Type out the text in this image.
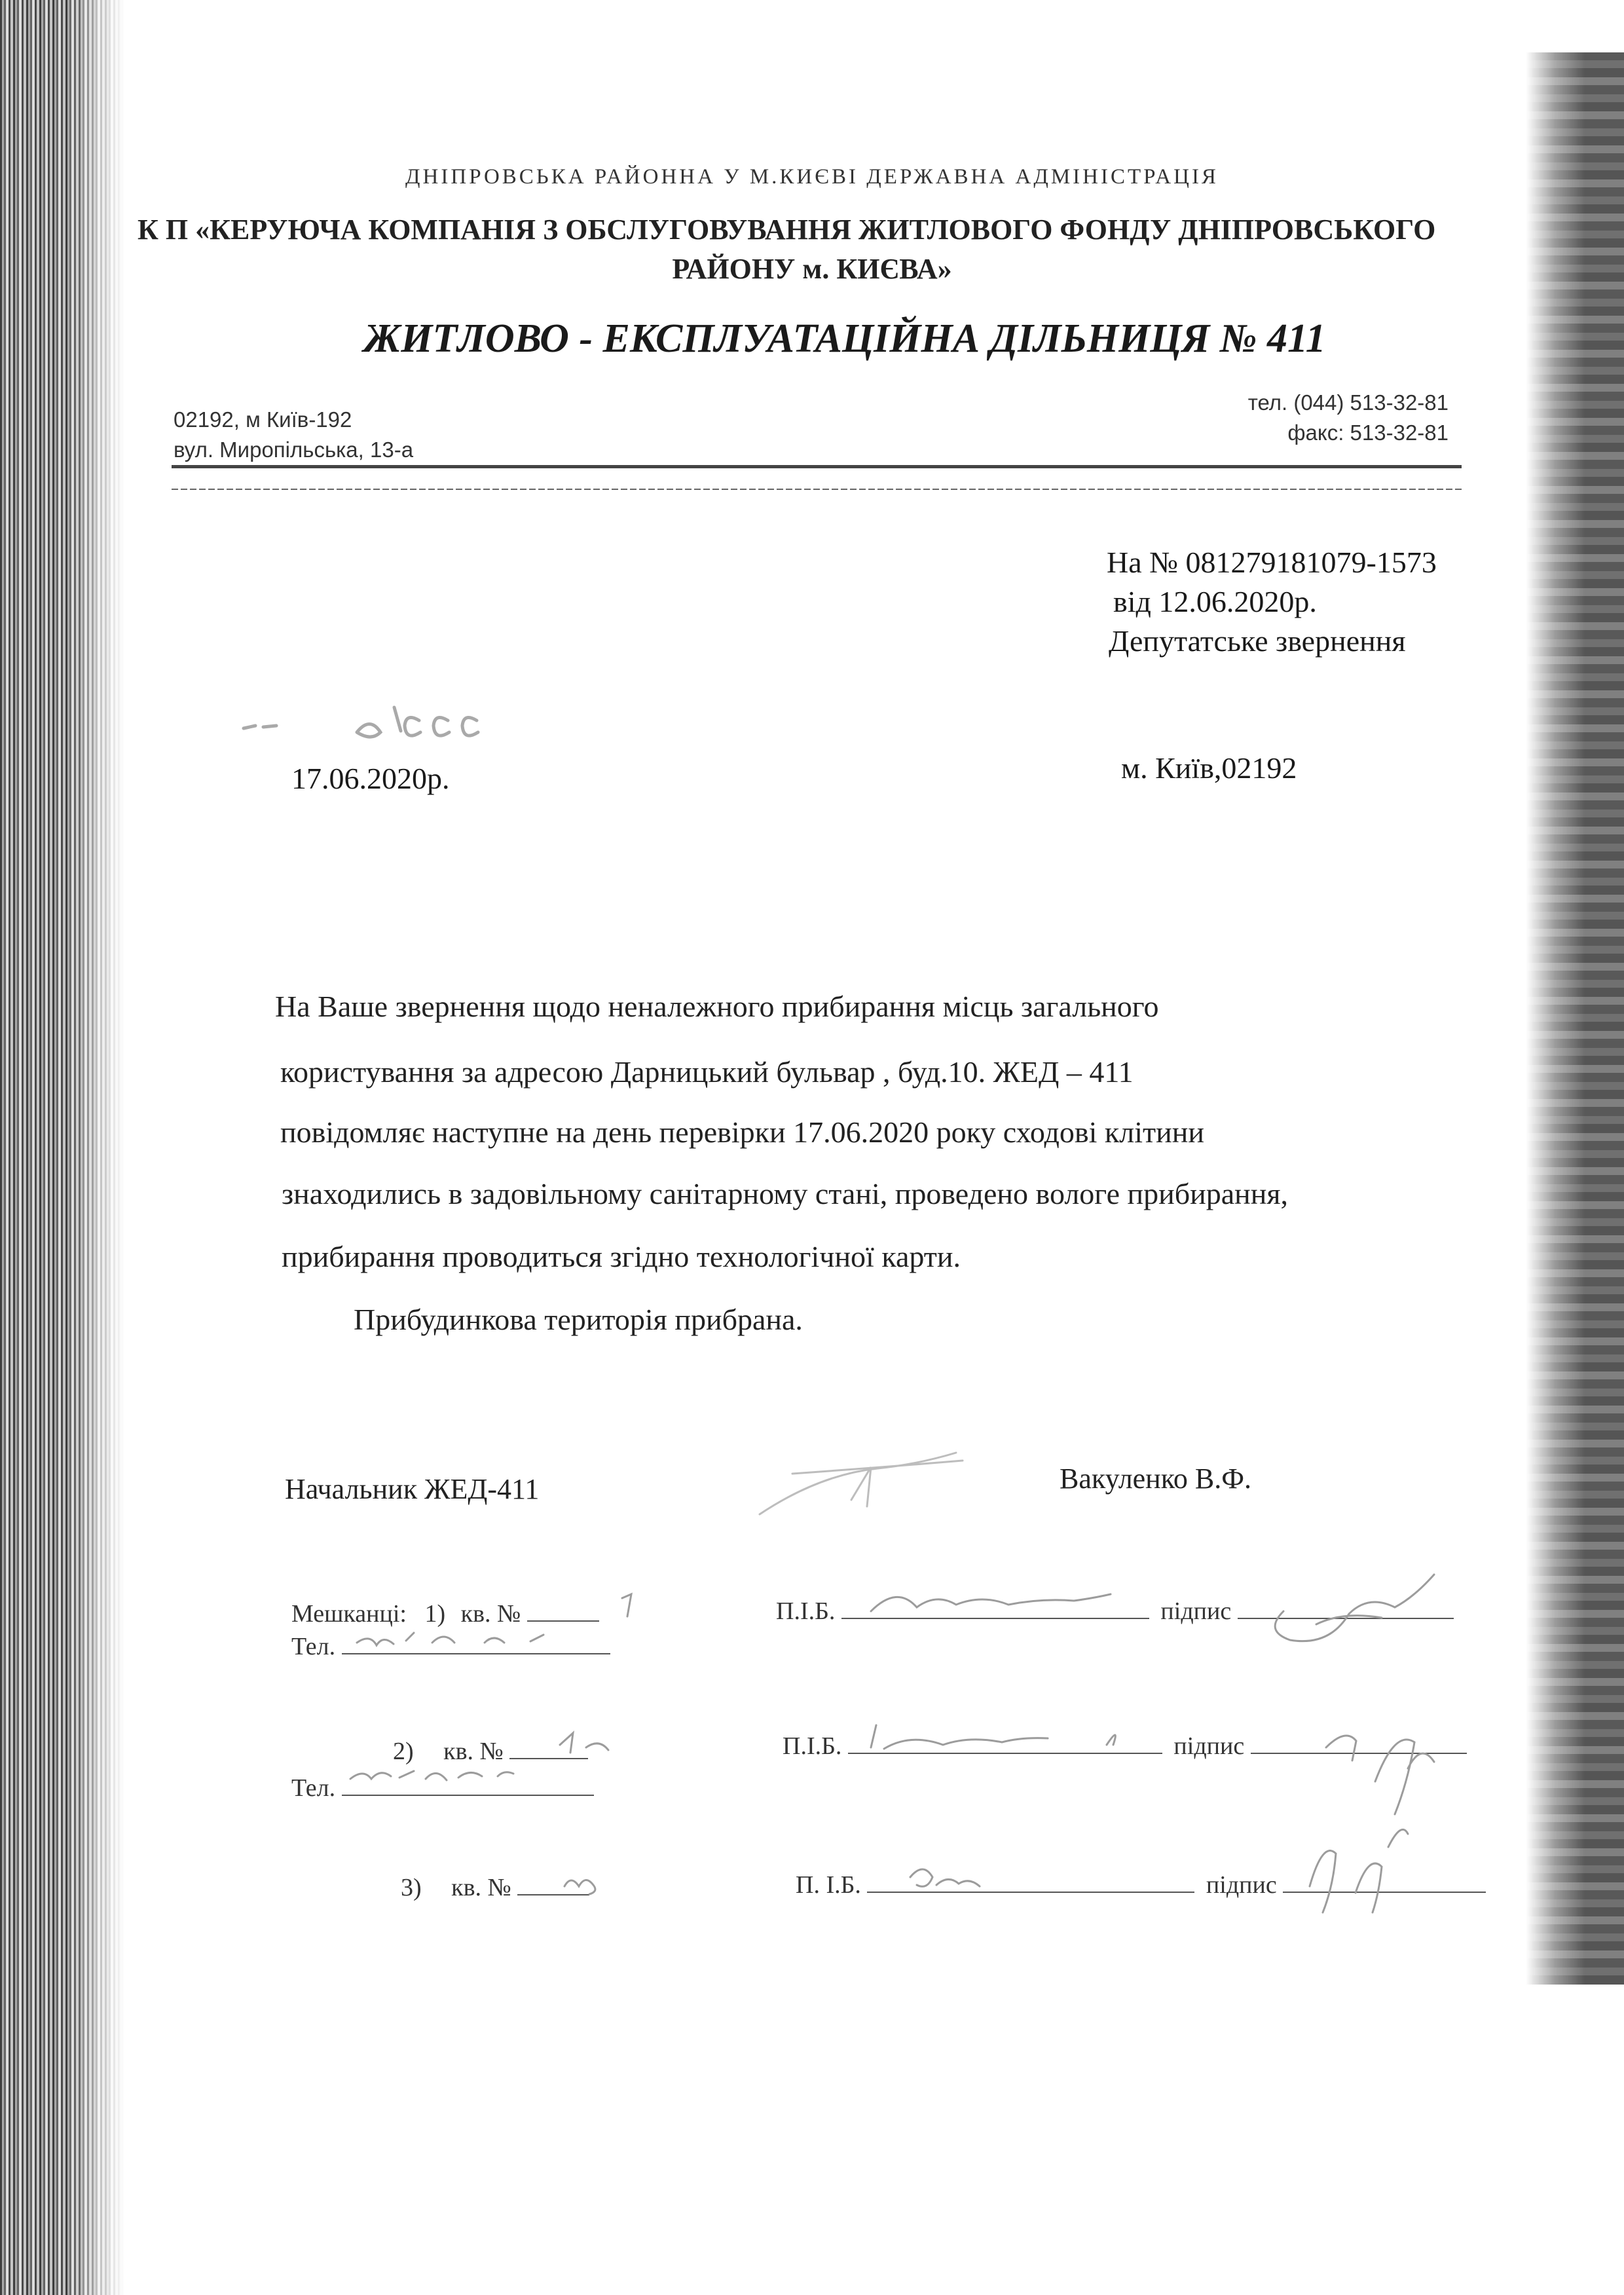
ДНІПРОВСЬКА РАЙОННА У М.КИЄВІ ДЕРЖАВНА АДМІНІСТРАЦІЯ
К П «КЕРУЮЧА КОМПАНІЯ З ОБСЛУГОВУВАННЯ ЖИТЛОВОГО ФОНДУ ДНІПРОВСЬКОГО
РАЙОНУ м. КИЄВА»
ЖИТЛОВО - ЕКСПЛУАТАЦІЙНА ДІЛЬНИЦЯ № 411
02192, м Київ-192
вул. Миропільська, 13-а
тел. (044) 513-32-81
факс: 513-32-81
На № 081279181079-1573
від 12.06.2020р.
Депутатське звернення
17.06.2020р.	м. Київ,02192
На Ваше звернення щодо неналежного прибирання місць загального
користування за адресою Дарницький бульвар , буд.10. ЖЕД – 411
повідомляє наступне на день перевірки 17.06.2020 року сходові клітини
знаходились в задовільному санітарному стані, проведено вологе прибирання,
прибирання проводиться згідно технологічної карти.
Прибудинкова територія прибрана.
Начальник ЖЕД-411	Вакуленко В.Ф.
Мешканці: 1) кв. №
Тел.
П.І.Б.	підпис
2) кв. №
Тел.
П.І.Б.	підпис
3) кв. №	П. І.Б.	підпис
